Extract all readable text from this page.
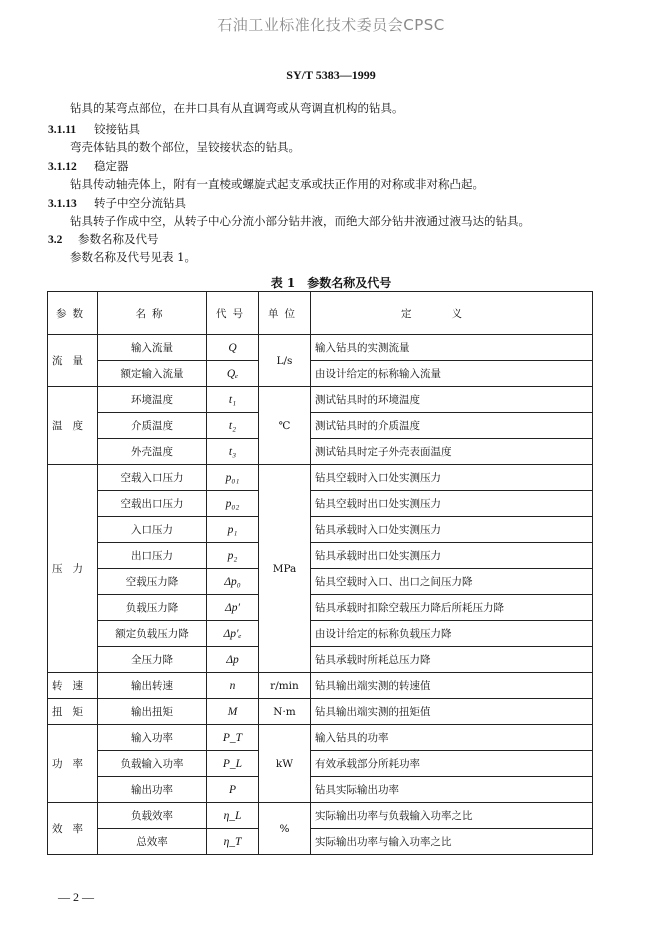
石油工业标准化技术委员会CPSC
SY/T 5383—1999
钻具的某弯点部位，在井口具有从直调弯或从弯调直机构的钻具。
3.1.11 铰接钻具
弯壳体钻具的数个部位，呈铰接状态的钻具。
3.1.12 稳定器
钻具传动轴壳体上，附有一直棱或螺旋式起支承或扶正作用的对称或非对称凸起。
3.1.13 转子中空分流钻具
钻具转子作成中空，从转子中心分流小部分钻井液，而绝大部分钻井液通过液马达的钻具。
3.2 参数名称及代号
参数名称及代号见表 1。
表 1 参数名称及代号
参数	名称	代号	单位	定义
流量	输入流量	Q	L/s	输入钻具的实测流量
	额定输入流量	Qₑ		由设计给定的标称输入流量
温度	环境温度	t₁	℃	测试钻具时的环境温度
	介质温度	t₂		测试钻具时的介质温度
	外壳温度	t₃		测试钻具时定子外壳表面温度
压力	空载入口压力	p₀₁	MPa	钻具空载时入口处实测压力
	空载出口压力	p₀₂		钻具空载时出口处实测压力
	入口压力	p₁		钻具承载时入口处实测压力
	出口压力	p₂		钻具承载时出口处实测压力
	空载压力降	Δp₀		钻具空载时入口、出口之间压力降
	负载压力降	Δp′		钻具承载时扣除空载压力降后所耗压力降
	额定负载压力降	Δp′ₑ		由设计给定的标称负载压力降
	全压力降	Δp		钻具承载时所耗总压力降
转速	输出转速	n	r/min	钻具输出端实测的转速值
扭矩	输出扭矩	M	N·m	钻具输出端实测的扭矩值
功率	输入功率	P_T	kW	输入钻具的功率
	负载输入功率	P_L		有效承载部分所耗功率
	输出功率	P		钻具实际输出功率
效率	负载效率	η_L	%	实际输出功率与负载输入功率之比
	总效率	η_T		实际输出功率与输入功率之比
— 2 —
